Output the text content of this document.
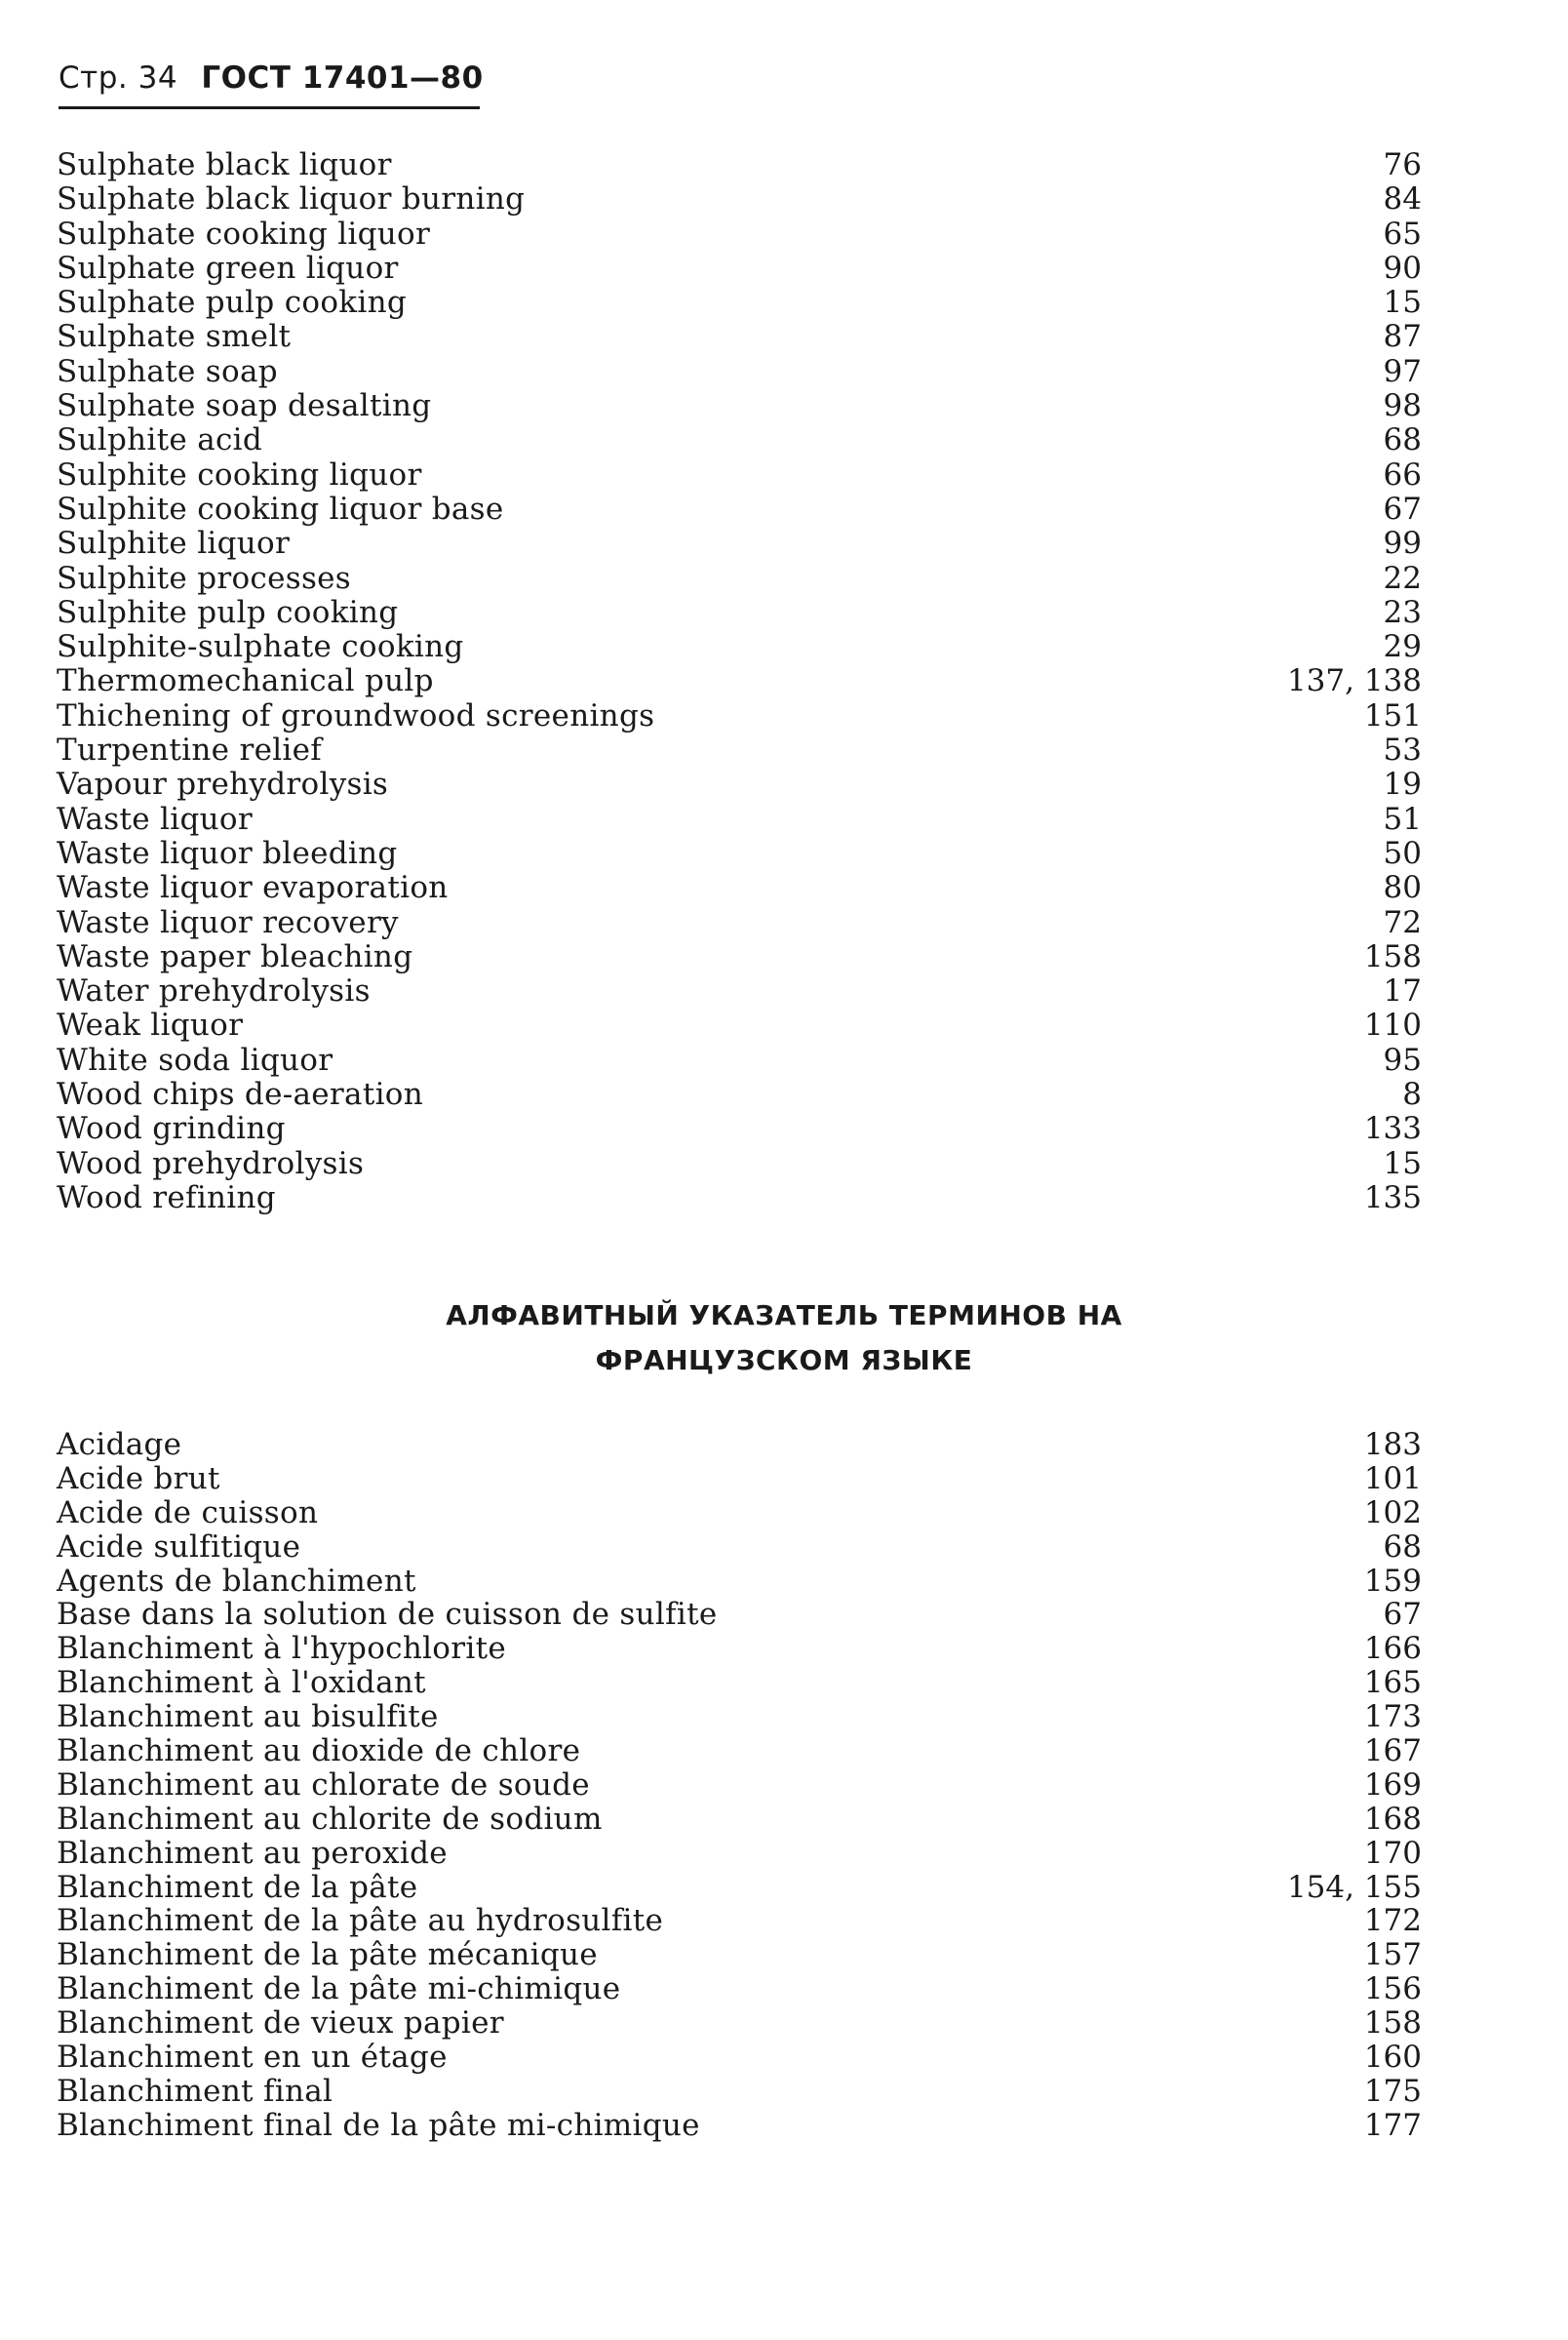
Стр. 34 ГОСТ 17401—80
Sulphate black liquor	76
Sulphate black liquor burning	84
Sulphate cooking liquor	65
Sulphate green liquor	90
Sulphate pulp cooking	15
Sulphate smelt	87
Sulphate soap	97
Sulphate soap desalting	98
Sulphite acid	68
Sulphite cooking liquor	66
Sulphite cooking liquor base	67
Sulphite liquor	99
Sulphite processes	22
Sulphite pulp cooking	23
Sulphite-sulphate cooking	29
Thermomechanical pulp	137, 138
Thichening of groundwood screenings	151
Turpentine relief	53
Vapour prehydrolysis	19
Waste liquor	51
Waste liquor bleeding	50
Waste liquor evaporation	80
Waste liquor recovery	72
Waste paper bleaching	158
Water prehydrolysis	17
Weak liquor	110
White soda liquor	95
Wood chips de-aeration	8
Wood grinding	133
Wood prehydrolysis	15
Wood refining	135
АЛФАВИТНЫЙ УКАЗАТЕЛЬ ТЕРМИНОВ НА
ФРАНЦУЗСКОМ ЯЗЫКЕ
Acidage	183
Acide brut	101
Acide de cuisson	102
Acide sulfitique	68
Agents de blanchiment	159
Base dans la solution de cuisson de sulfite	67
Blanchiment à l'hypochlorite	166
Blanchiment à l'oxidant	165
Blanchiment au bisulfite	173
Blanchiment au dioxide de chlore	167
Blanchiment au chlorate de soude	169
Blanchiment au chlorite de sodium	168
Blanchiment au peroxide	170
Blanchiment de la pâte	154, 155
Blanchiment de la pâte au hydrosulfite	172
Blanchiment de la pâte mécanique	157
Blanchiment de la pâte mi-chimique	156
Blanchiment de vieux papier	158
Blanchiment en un étage	160
Blanchiment final	175
Blanchiment final de la pâte mi-chimique	177
